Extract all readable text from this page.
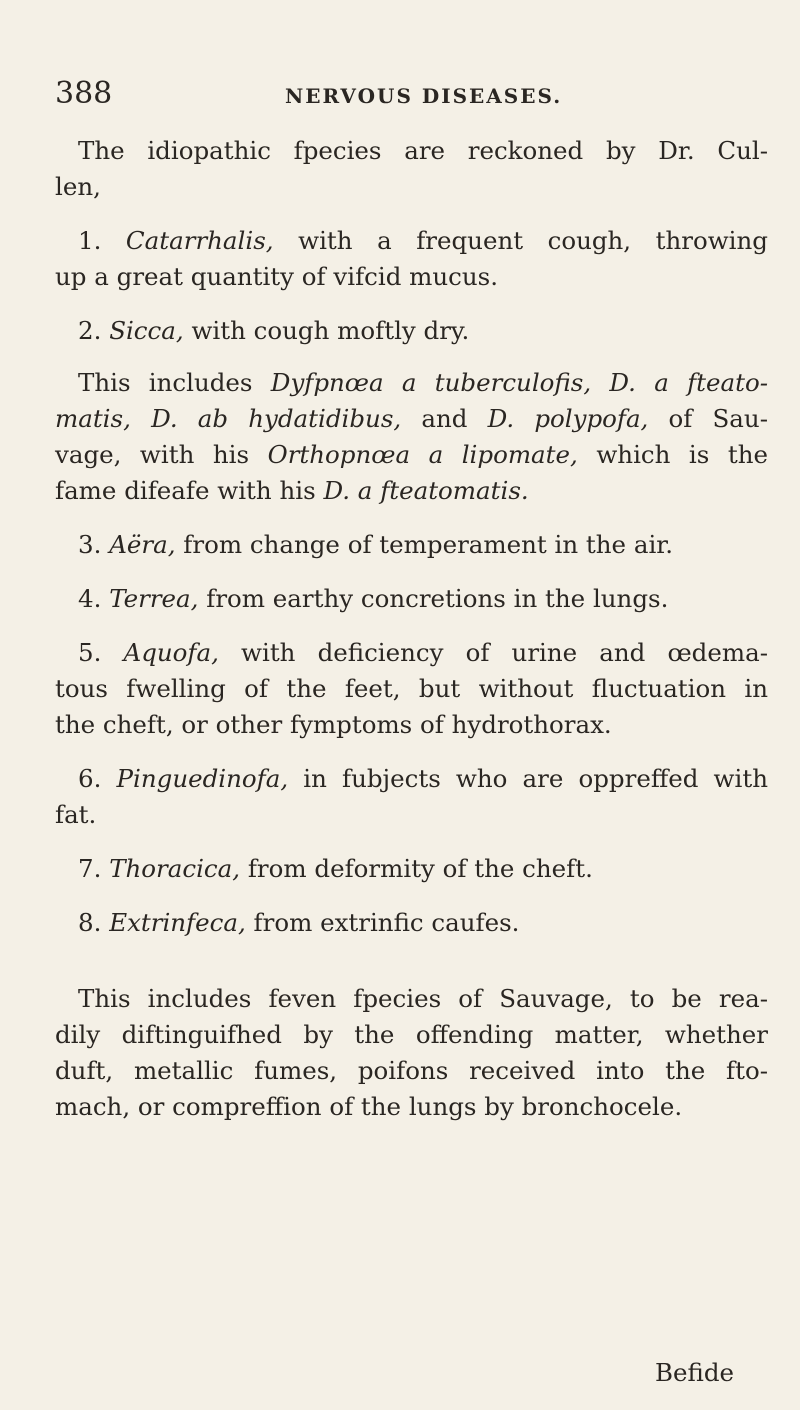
388	NERVOUS DISEASES.
The idiopathic fpecies are reckoned by Dr. Cul-
len,
1. Catarrhalis, with a frequent cough, throwing
up a great quantity of vifcid mucus.
2. Sicca, with cough moftly dry.
This includes Dyfpnœa a tuberculofis, D. a fteato-
matis, D. ab hydatidibus, and D. polypofa, of Sau-
vage, with his Orthopnœa a lipomate, which is the
fame difeafe with his D. a fteatomatis.
3. Aëra, from change of temperament in the air.
4. Terrea, from earthy concretions in the lungs.
5. Aquofa, with deficiency of urine and œdema-
tous fwelling of the feet, but without fluctuation in
the cheft, or other fymptoms of hydrothorax.
6. Pinguedinofa, in fubjects who are oppreffed with
fat.
7. Thoracica, from deformity of the cheft.
8. Extrinfeca, from extrinfic caufes.
This includes feven fpecies of Sauvage, to be rea-
dily diftinguifhed by the offending matter, whether
duft, metallic fumes, poifons received into the fto-
mach, or compreffion of the lungs by bronchocele.
Befide
